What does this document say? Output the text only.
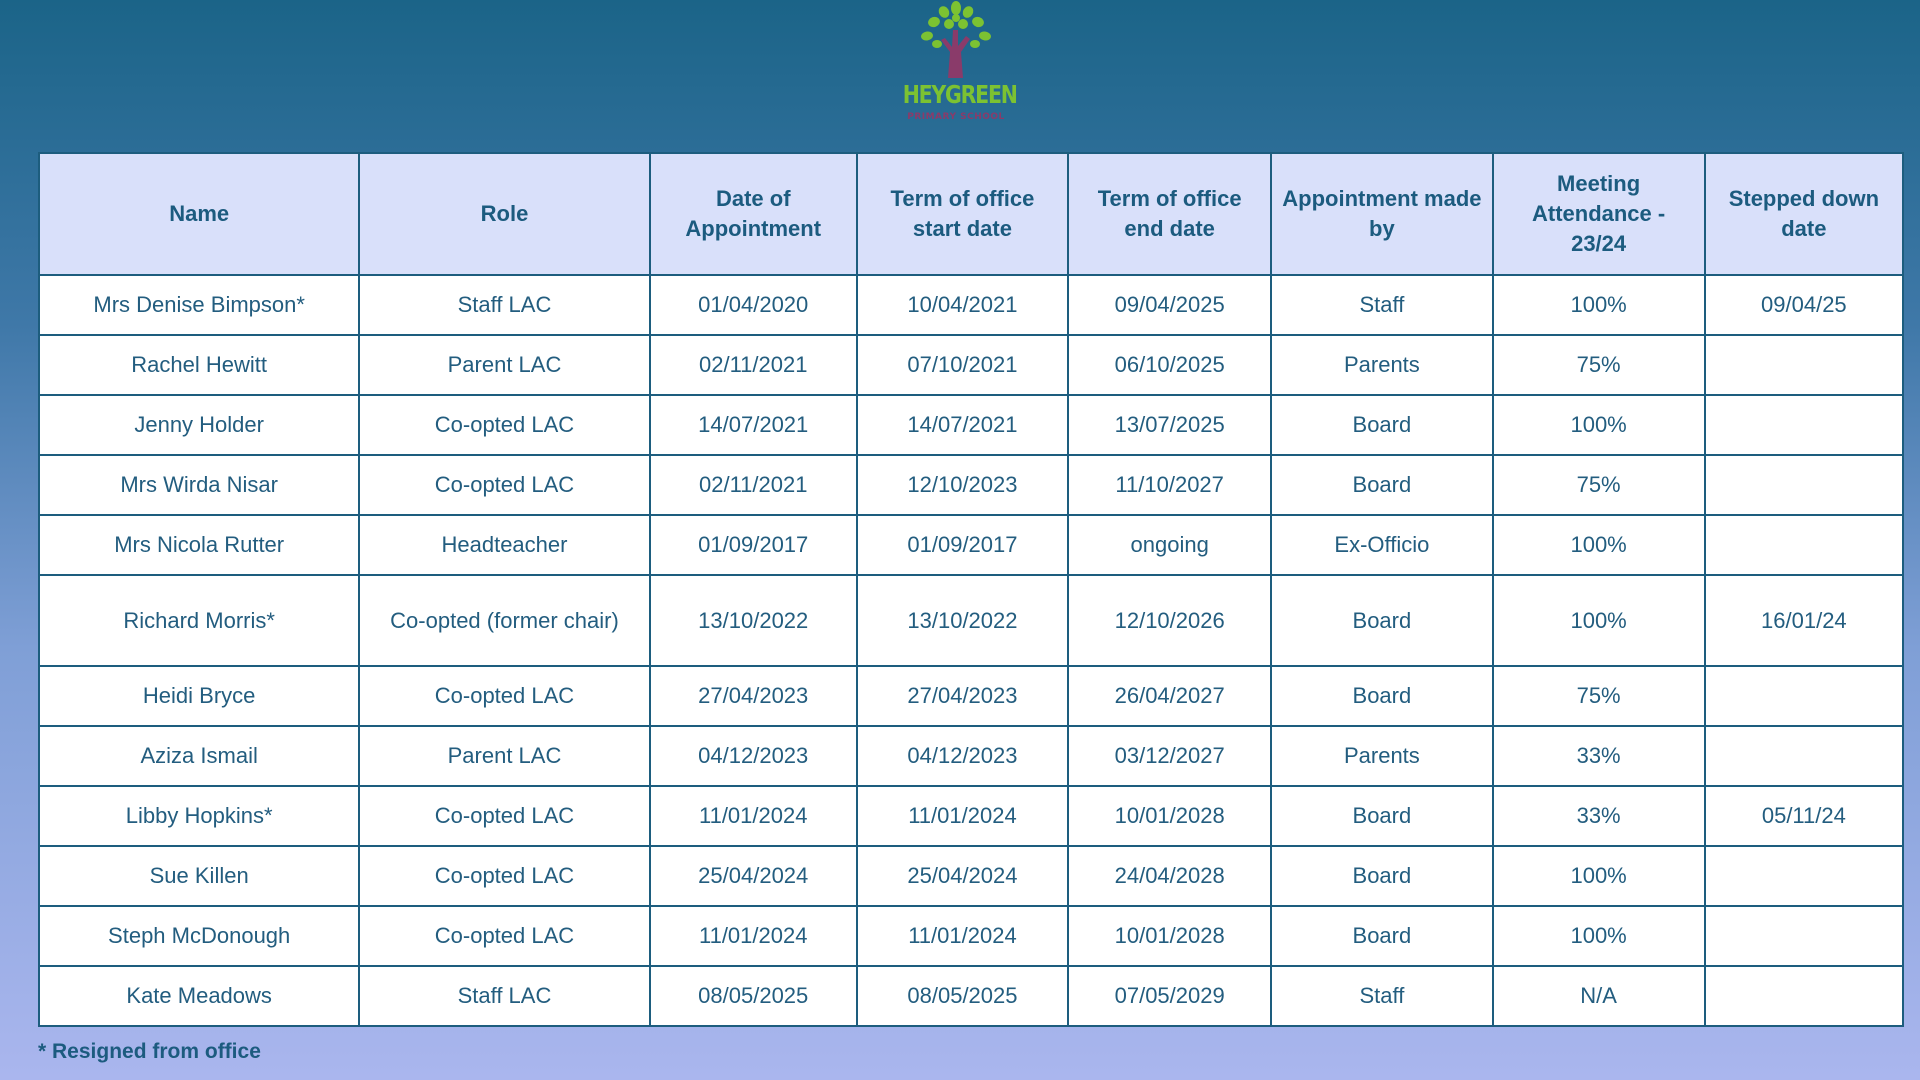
HEYGREEN
PRIMARY SCHOOL
Name	Role	Date of Appointment	Term of office start date	Term of office end date	Appointment made by	Meeting Attendance - 23/24	Stepped down date
Mrs Denise Bimpson*	Staff LAC	01/04/2020	10/04/2021	09/04/2025	Staff	100%	09/04/25
Rachel Hewitt	Parent LAC	02/11/2021	07/10/2021	06/10/2025	Parents	75%	
Jenny Holder	Co-opted LAC	14/07/2021	14/07/2021	13/07/2025	Board	100%	
Mrs Wirda Nisar	Co-opted LAC	02/11/2021	12/10/2023	11/10/2027	Board	75%	
Mrs Nicola Rutter	Headteacher	01/09/2017	01/09/2017	ongoing	Ex-Officio	100%	
Richard Morris*	Co-opted (former chair)	13/10/2022	13/10/2022	12/10/2026	Board	100%	16/01/24
Heidi Bryce	Co-opted LAC	27/04/2023	27/04/2023	26/04/2027	Board	75%	
Aziza Ismail	Parent LAC	04/12/2023	04/12/2023	03/12/2027	Parents	33%	
Libby Hopkins*	Co-opted LAC	11/01/2024	11/01/2024	10/01/2028	Board	33%	05/11/24
Sue Killen	Co-opted LAC	25/04/2024	25/04/2024	24/04/2028	Board	100%	
Steph McDonough	Co-opted LAC	11/01/2024	11/01/2024	10/01/2028	Board	100%	
Kate Meadows	Staff LAC	08/05/2025	08/05/2025	07/05/2029	Staff	N/A	
* Resigned from office
